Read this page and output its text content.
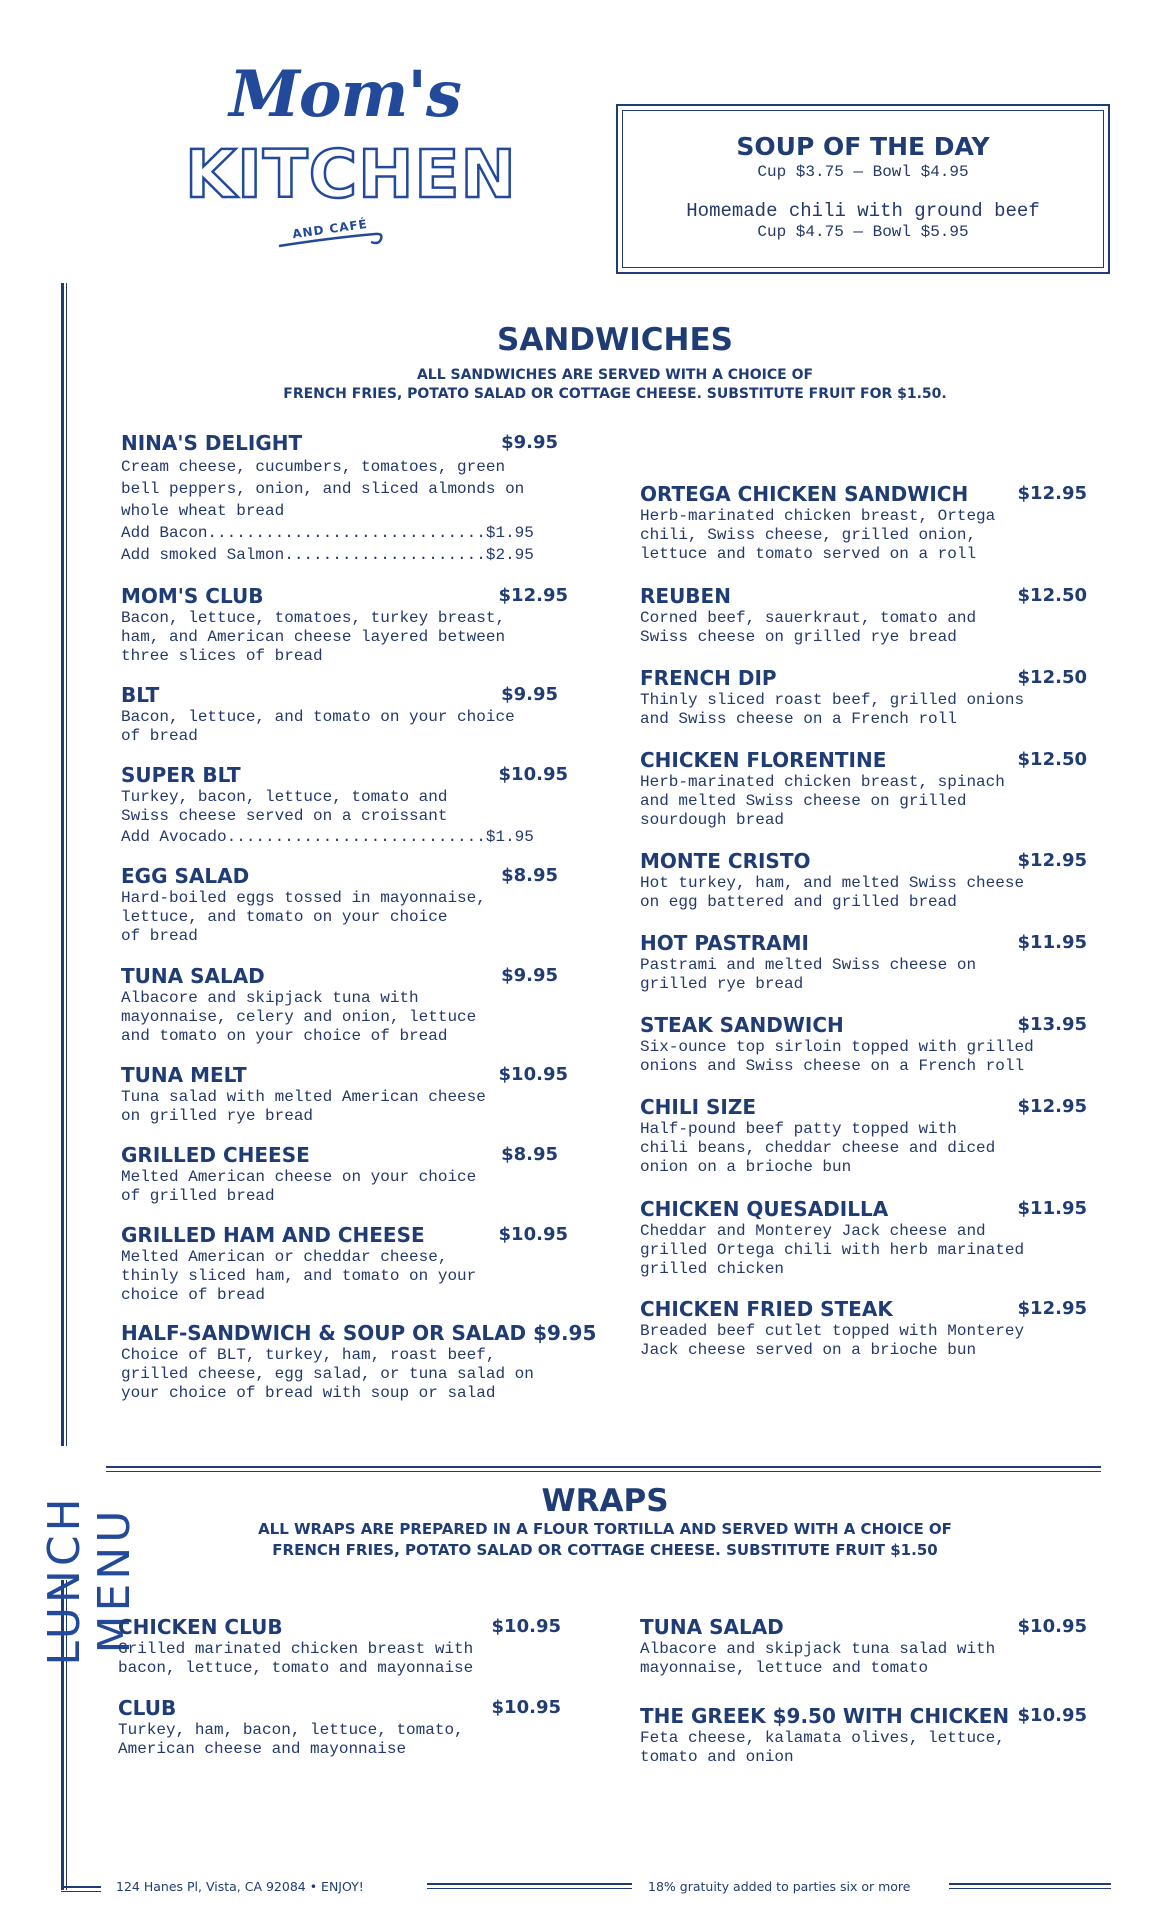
Mom's
KITCHEN
AND CAFÉ
SOUP OF THE DAY
Cup $3.75 — Bowl $4.95
Homemade chili with ground beef
Cup $4.75 — Bowl $5.95
LUNCH MENU
SANDWICHES
ALL SANDWICHES ARE SERVED WITH A CHOICE OF
FRENCH FRIES, POTATO SALAD OR COTTAGE CHEESE. SUBSTITUTE FRUIT FOR $1.50.
NINA'S DELIGHT	$9.95
Cream cheese, cucumbers, tomatoes, green
bell peppers, onion, and sliced almonds on
whole wheat bread
Add Bacon.............................$1.95
Add smoked Salmon.....................$2.95
MOM'S CLUB	$12.95
Bacon, lettuce, tomatoes, turkey breast,
ham, and American cheese layered between
three slices of bread
BLT	$9.95
Bacon, lettuce, and tomato on your choice
of bread
SUPER BLT	$10.95
Turkey, bacon, lettuce, tomato and
Swiss cheese served on a croissant
Add Avocado...........................$1.95
EGG SALAD	$8.95
Hard-boiled eggs tossed in mayonnaise,
lettuce, and tomato on your choice
of bread
TUNA SALAD	$9.95
Albacore and skipjack tuna with
mayonnaise, celery and onion, lettuce
and tomato on your choice of bread
TUNA MELT	$10.95
Tuna salad with melted American cheese
on grilled rye bread
GRILLED CHEESE	$8.95
Melted American cheese on your choice
of grilled bread
GRILLED HAM AND CHEESE	$10.95
Melted American or cheddar cheese,
thinly sliced ham, and tomato on your
choice of bread
HALF-SANDWICH & SOUP OR SALAD $9.95
Choice of BLT, turkey, ham, roast beef,
grilled cheese, egg salad, or tuna salad on
your choice of bread with soup or salad
ORTEGA CHICKEN SANDWICH	$12.95
Herb-marinated chicken breast, Ortega
chili, Swiss cheese, grilled onion,
lettuce and tomato served on a roll
REUBEN	$12.50
Corned beef, sauerkraut, tomato and
Swiss cheese on grilled rye bread
FRENCH DIP	$12.50
Thinly sliced roast beef, grilled onions
and Swiss cheese on a French roll
CHICKEN FLORENTINE	$12.50
Herb-marinated chicken breast, spinach
and melted Swiss cheese on grilled
sourdough bread
MONTE CRISTO	$12.95
Hot turkey, ham, and melted Swiss cheese
on egg battered and grilled bread
HOT PASTRAMI	$11.95
Pastrami and melted Swiss cheese on
grilled rye bread
STEAK SANDWICH	$13.95
Six-ounce top sirloin topped with grilled
onions and Swiss cheese on a French roll
CHILI SIZE	$12.95
Half-pound beef patty topped with
chili beans, cheddar cheese and diced
onion on a brioche bun
CHICKEN QUESADILLA	$11.95
Cheddar and Monterey Jack cheese and
grilled Ortega chili with herb marinated
grilled chicken
CHICKEN FRIED STEAK	$12.95
Breaded beef cutlet topped with Monterey
Jack cheese served on a brioche bun
WRAPS
ALL WRAPS ARE PREPARED IN A FLOUR TORTILLA AND SERVED WITH A CHOICE OF
FRENCH FRIES, POTATO SALAD OR COTTAGE CHEESE. SUBSTITUTE FRUIT $1.50
CHICKEN CLUB	$10.95
Grilled marinated chicken breast with
bacon, lettuce, tomato and mayonnaise
CLUB	$10.95
Turkey, ham, bacon, lettuce, tomato,
American cheese and mayonnaise
TUNA SALAD	$10.95
Albacore and skipjack tuna salad with
mayonnaise, lettuce and tomato
THE GREEK $9.50 WITH CHICKEN $10.95
Feta cheese, kalamata olives, lettuce,
tomato and onion
124 Hanes Pl, Vista, CA 92084 • ENJOY!	18% gratuity added to parties six or more
